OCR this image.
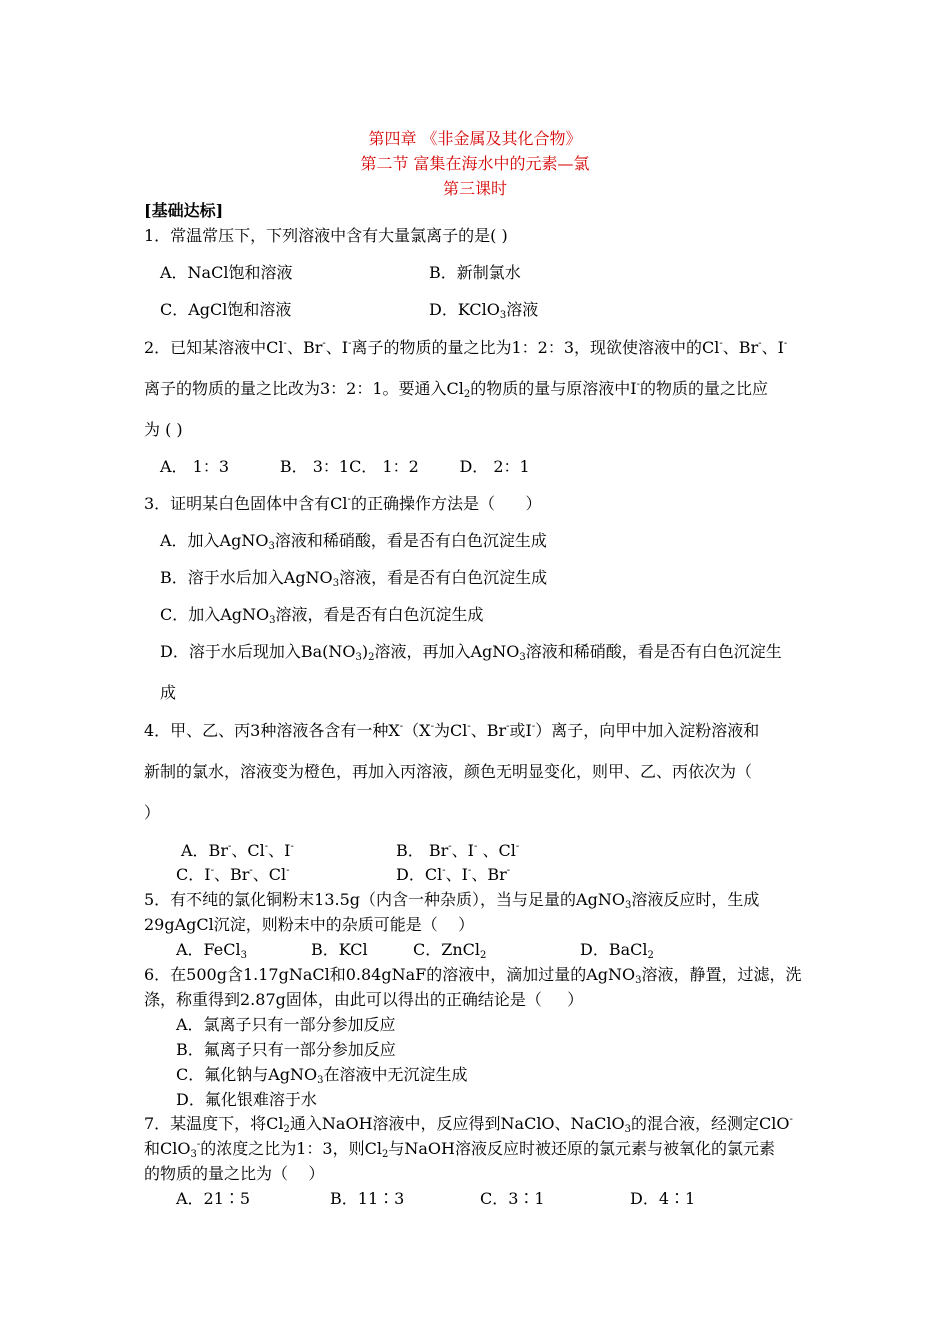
第四章 《非金属及其化合物》
第二节 富集在海水中的元素—氯
第三课时
[基础达标]
1．常温常压下，下列溶液中含有大量氯离子的是( )
A．NaCl饱和溶液	B．新制氯水
C．AgCl饱和溶液	D．KClO$_3$溶液
2．已知某溶液中Cl-、Br-、I-离子的物质的量之比为1：2：3，现欲使溶液中的Cl-、Br-、I-
离子的物质的量之比改为3：2：1。要通入$Cl_2$的物质的量与原溶液中I-的物质的量之比应
为 ( )
A． 1：3          B． 3：1C． 1：2        D． 2：1
3．证明某白色固体中含有Cl-的正确操作方法是（      ）
A．加入AgNO$_3$溶液和稀硝酸，看是否有白色沉淀生成
B．溶于水后加入AgNO$_3$溶液，看是否有白色沉淀生成
C．加入AgNO$_3$溶液，看是否有白色沉淀生成
D．溶于水后现加入$Ba(NO_3)_2$溶液，再加入AgNO$_3$溶液和稀硝酸，看是否有白色沉淀生
成
4．甲、乙、丙3种溶液各含有一种X-（X-为Cl-、Br-或I-）离子，向甲中加入淀粉溶液和
新制的氯水，溶液变为橙色，再加入丙溶液，颜色无明显变化，则甲、乙、丙依次为（
）
A．Br-、Cl-、I-	B． Br-、I- 、Cl-
C．I-、Br-、Cl-	D．Cl-、I-、Br-
5．有不纯的氯化铜粉末13.5g（内含一种杂质），当与足量的AgNO$_3$溶液反应时，生成
29gAgCl沉淀，则粉末中的杂质可能是（    ）
A．FeCl$_3$	B．KCl	C．ZnCl$_2$	D．BaCl$_2$
6．在500g含1.17gNaCl和0.84gNaF的溶液中，滴加过量的AgNO$_3$溶液，静置，过滤，洗
涤，称重得到2.87g固体，由此可以得出的正确结论是（     ）
A．氯离子只有一部分参加反应
B．氟离子只有一部分参加反应
C．氟化钠与AgNO$_3$在溶液中无沉淀生成
D．氟化银难溶于水
7．某温度下，将$Cl_2$通入NaOH溶液中，反应得到NaClO、NaClO$_3$的混合液，经测定ClO-
和ClO$_3$-的浓度之比为1：3，则$Cl_2$与NaOH溶液反应时被还原的氯元素与被氧化的氯元素
的物质的量之比为（    ）
A．21∶5	B．11∶3	C．3∶1	D．4∶1
